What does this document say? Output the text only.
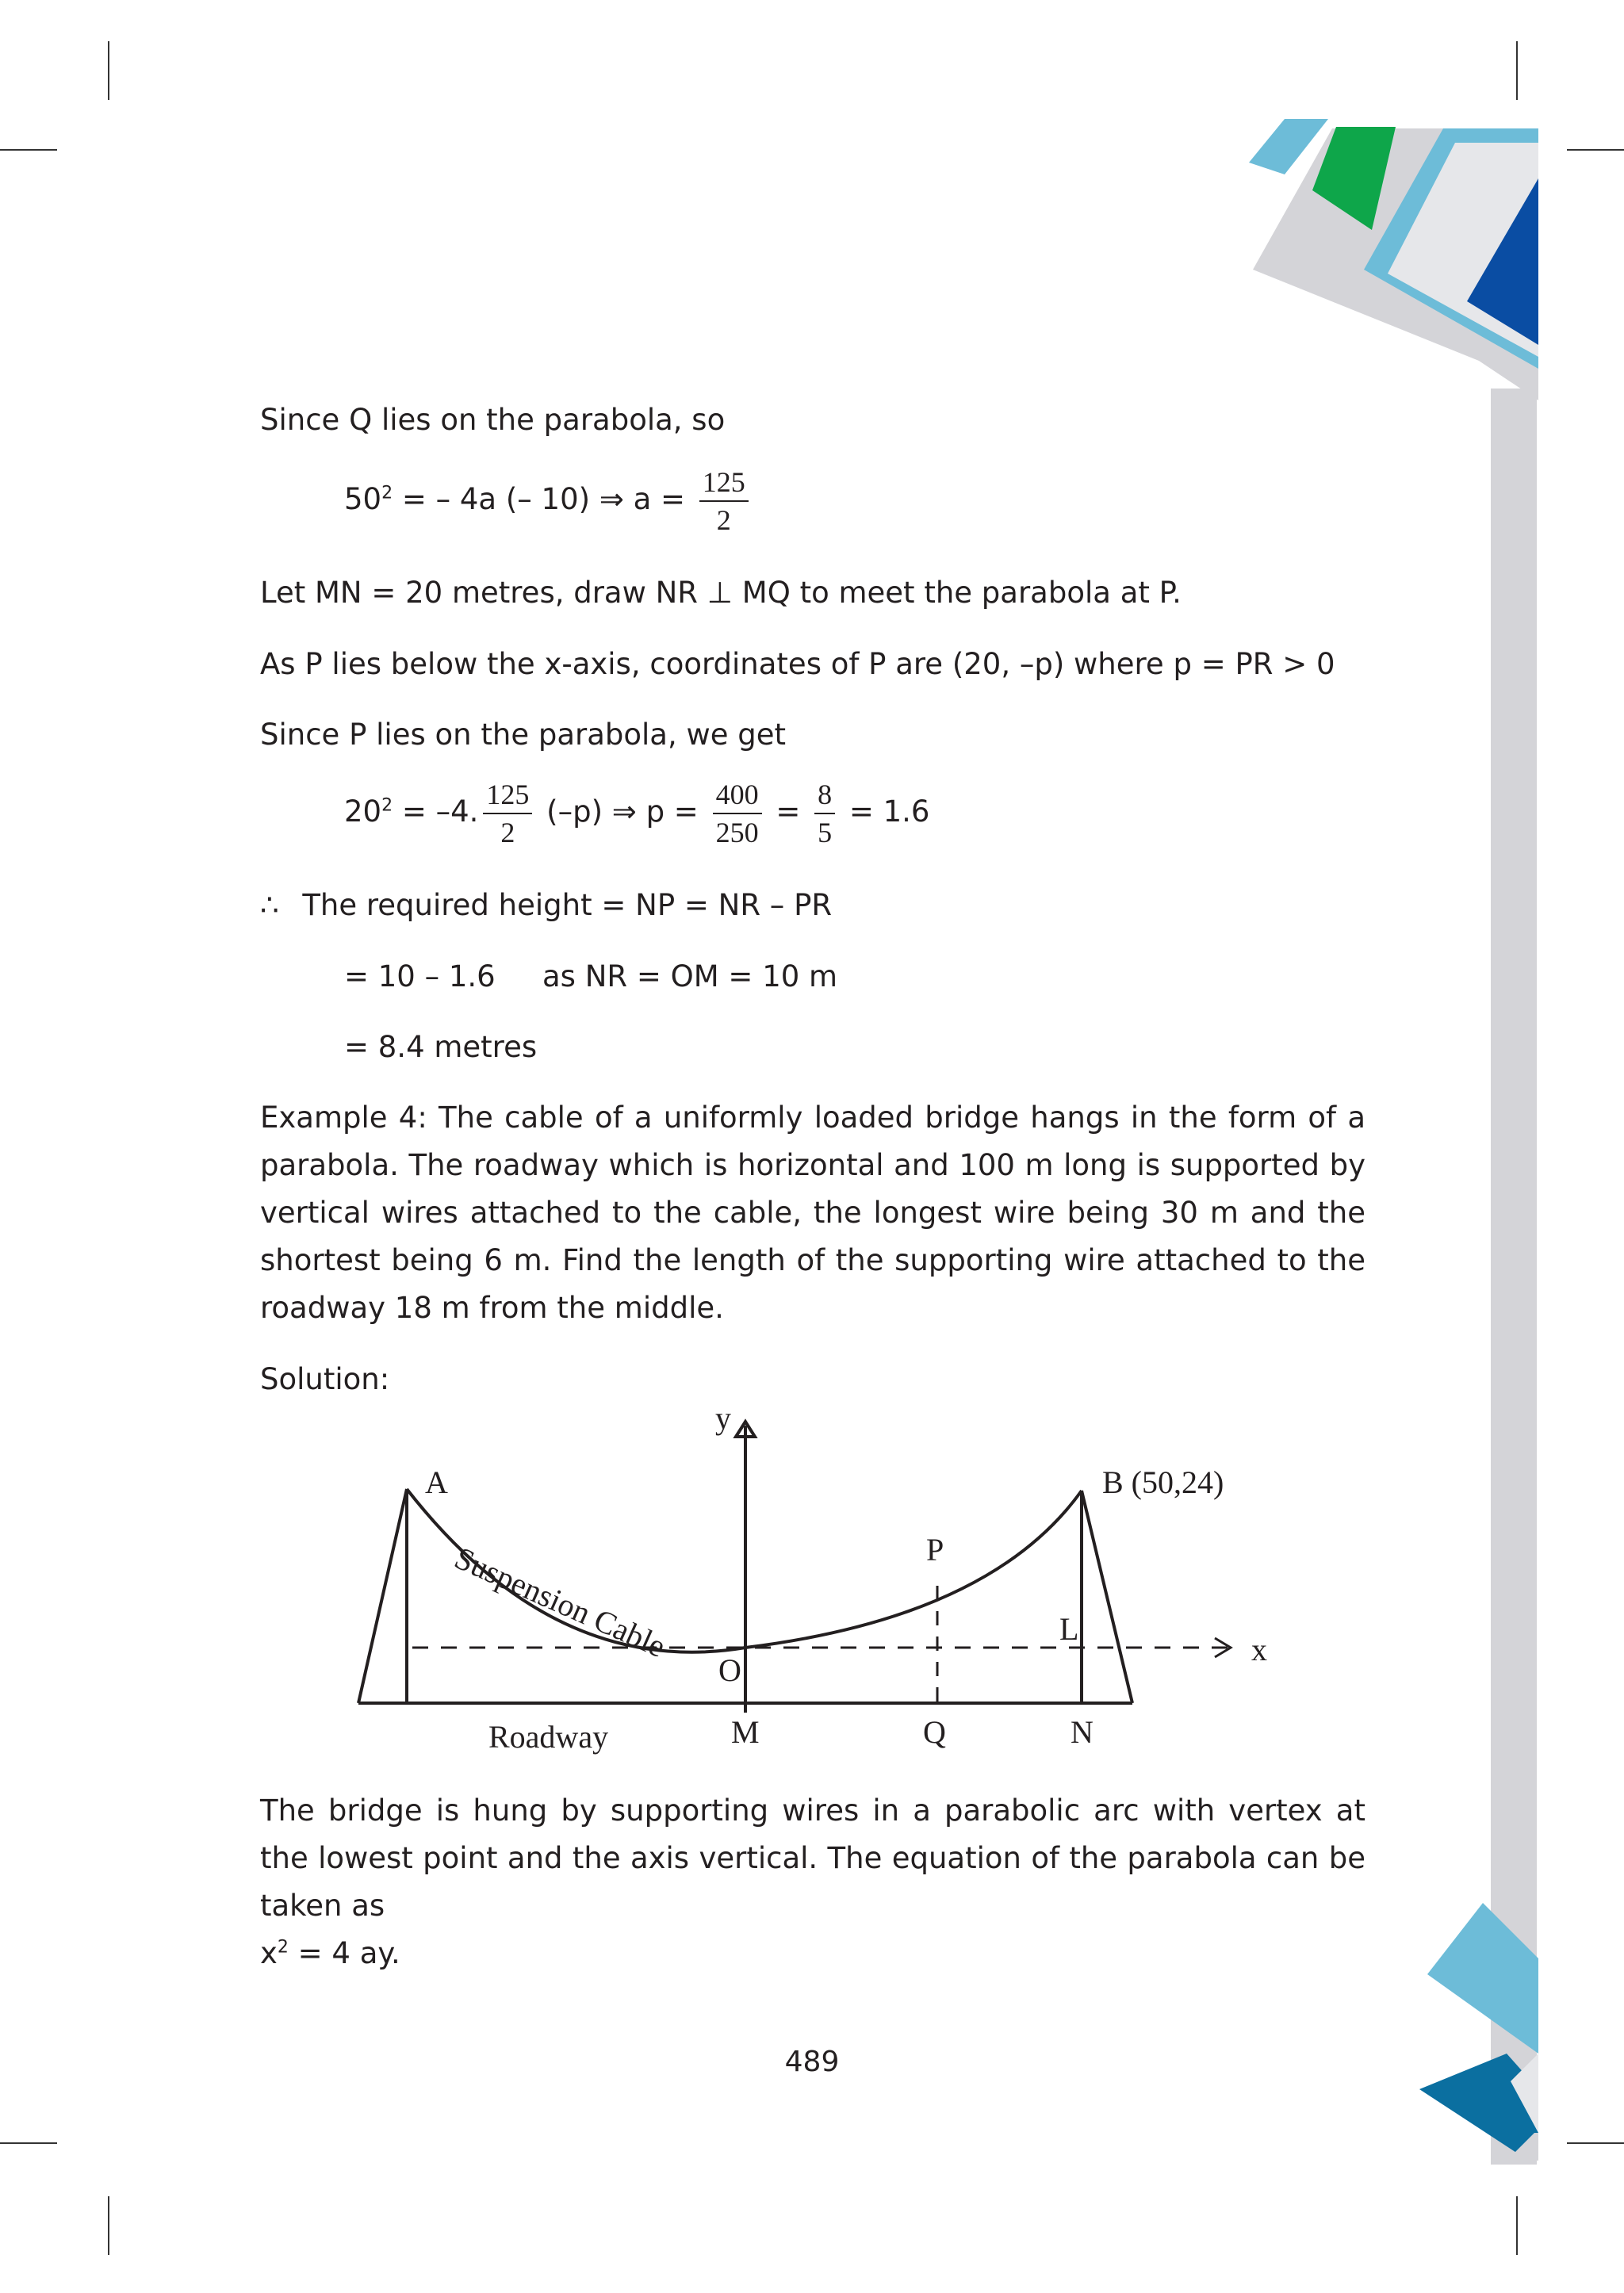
Since Q lies on the parabola, so
$50^2$ = – 4a (– 10) ⇒ $a = \frac{125}{2}$
Let MN = 20 metres, draw NR ⊥ MQ to meet the parabola at P.
As P lies below the x-axis, coordinates of P are (20, –p) where p = PR > 0
Since P lies on the parabola, we get
$20^2 = -4$. $\frac{125}{2} (-p)$ ⇒ $p = \frac{400}{250} = \frac{8}{5} = 1.6$
∴ The required height = NP = NR – PR
= 10 – 1.6 as NR = OM = 10 m
= 8.4 metres
Example 4: The cable of a uniformly loaded bridge hangs in the form of a parabola. The roadway which is horizontal and 100 m long is supported by vertical wires attached to the cable, the longest wire being 30 m and the shortest being 6 m. Find the length of the supporting wire attached to the roadway 18 m from the middle.
Solution:
y
A	B (50,24)
P
L
x
O
Roadway	M	Q	N
Suspension Cable
The bridge is hung by supporting wires in a parabolic arc with vertex at the lowest point and the axis vertical. The equation of the parabola can be taken as
$x^2 = 4$ ay.
489
